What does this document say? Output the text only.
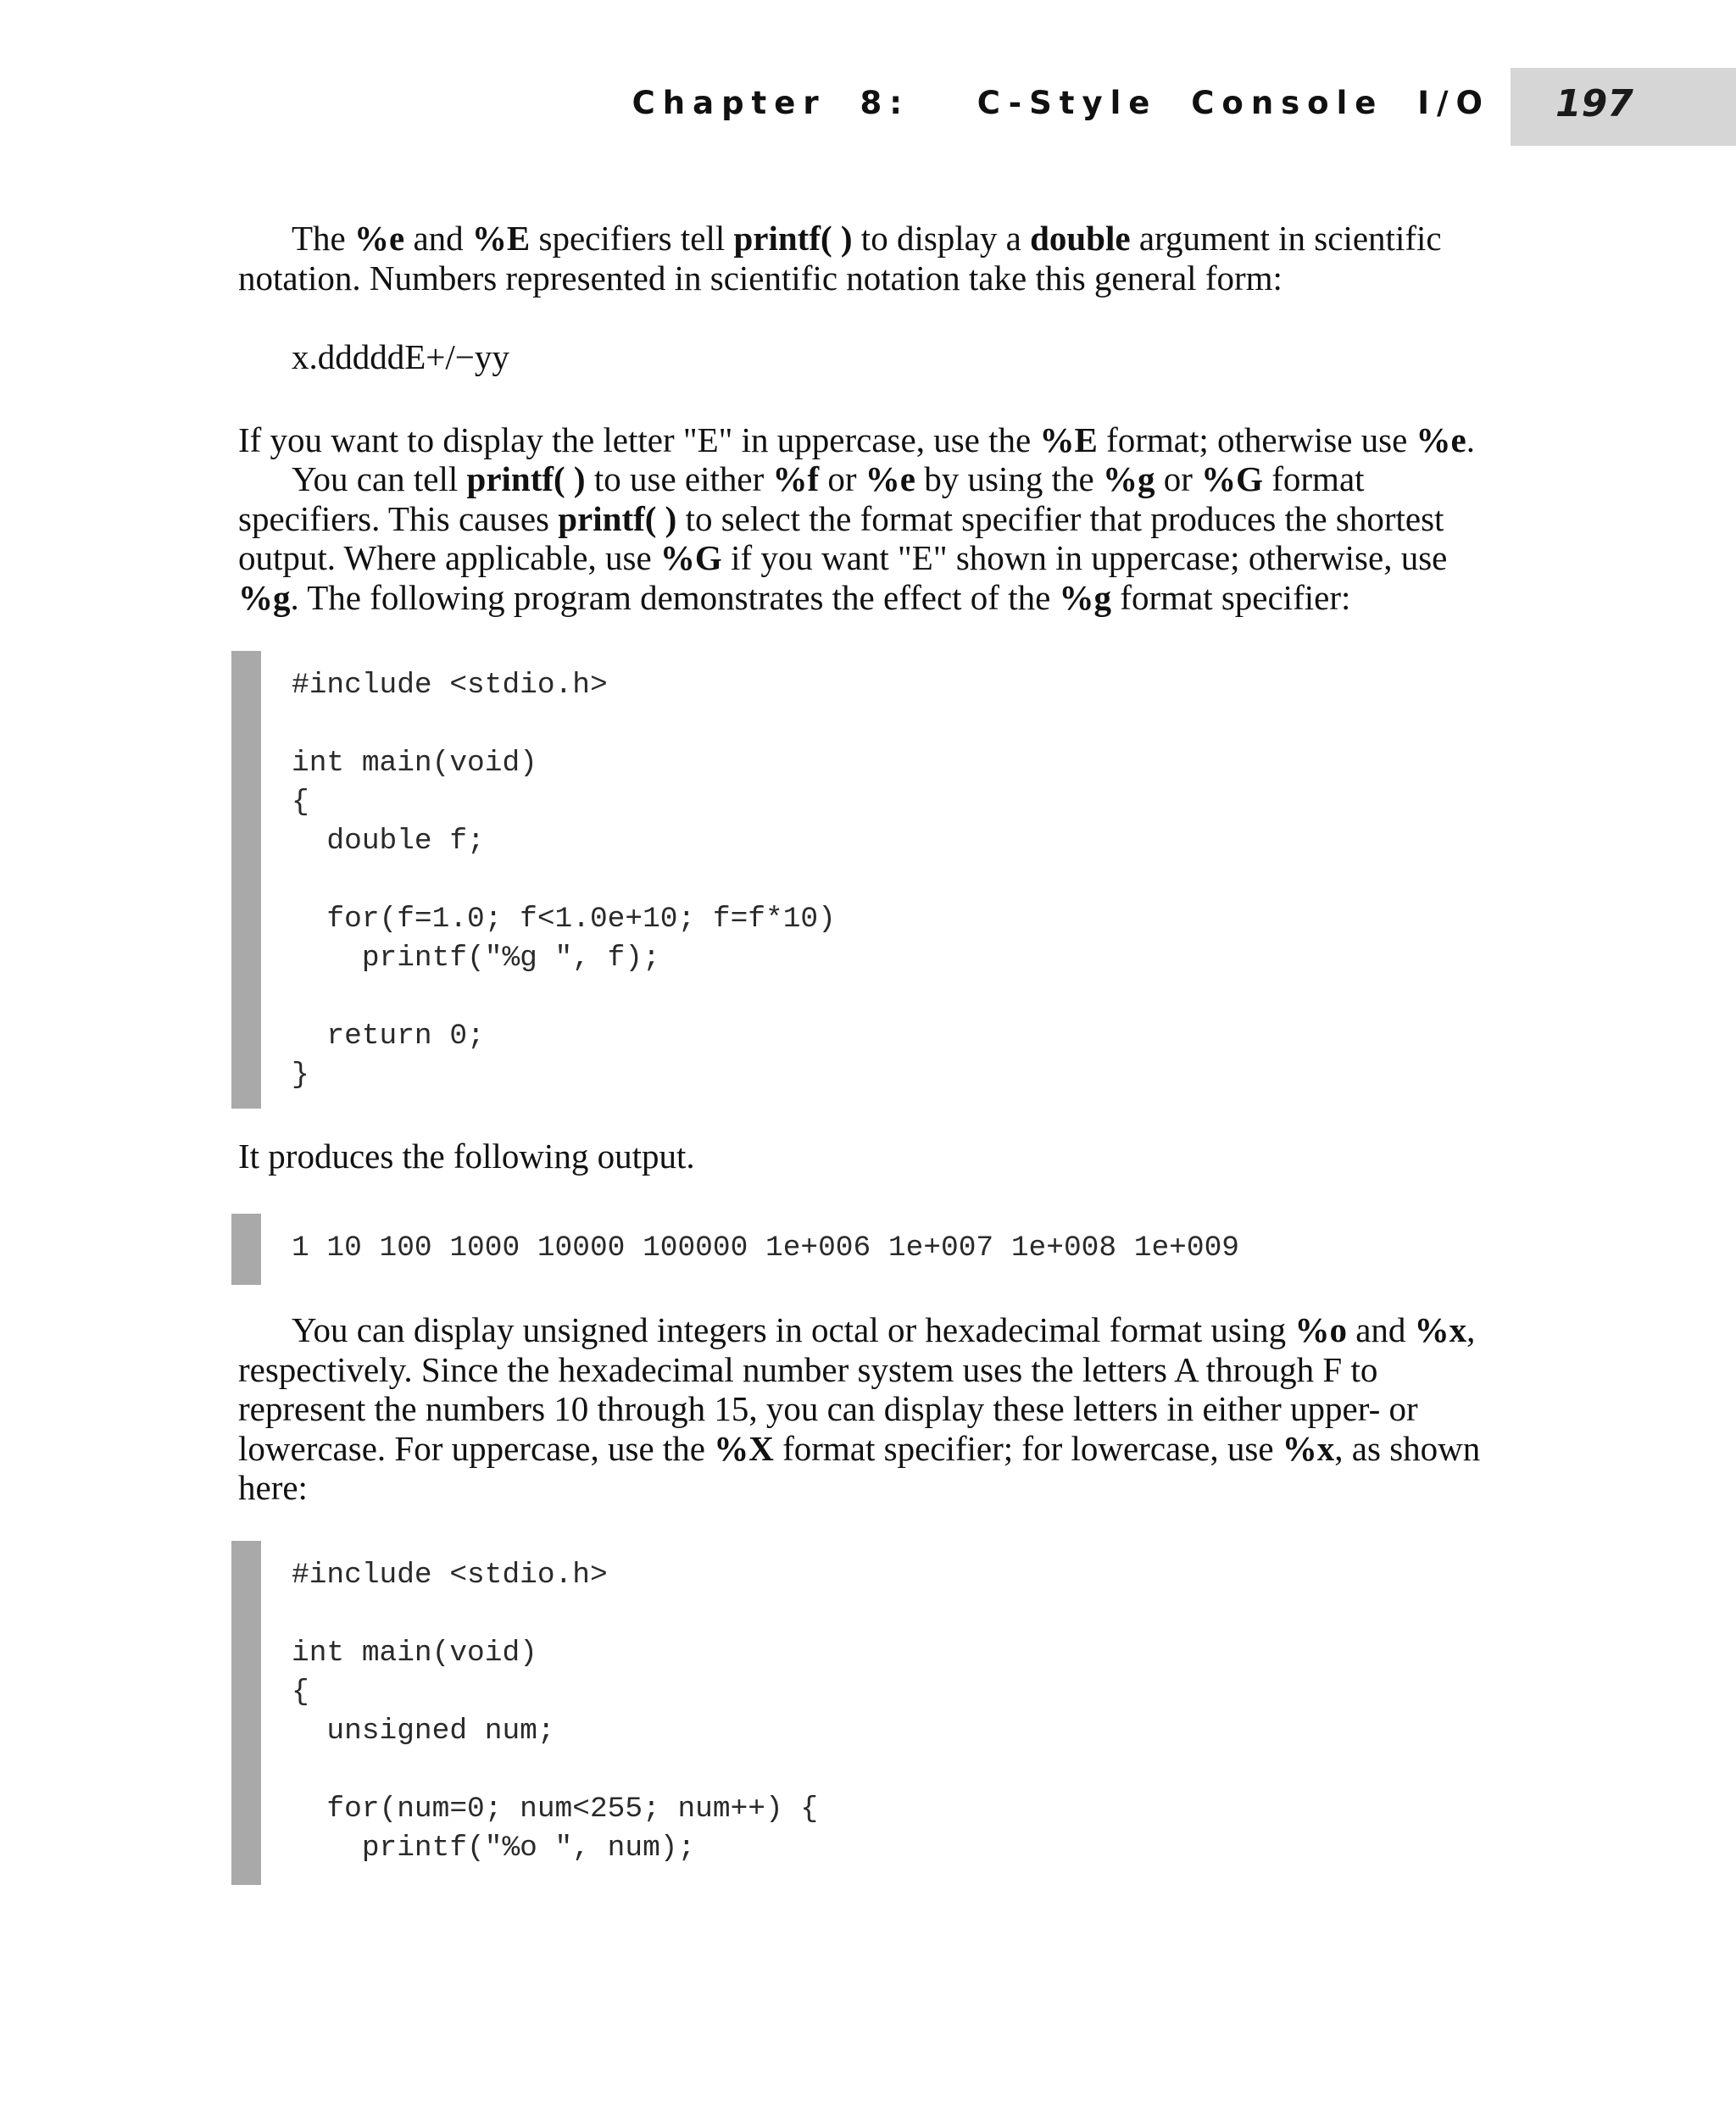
Chapter 8:  C-Style Console I/O 197

The %e and %E specifiers tell printf( ) to display a double argument in scientific notation. Numbers represented in scientific notation take this general form:

x.dddddE+/−yy

If you want to display the letter "E" in uppercase, use the %E format; otherwise use %e.

You can tell printf( ) to use either %f or %e by using the %g or %G format specifiers. This causes printf( ) to select the format specifier that produces the shortest output. Where applicable, use %G if you want "E" shown in uppercase; otherwise, use %g. The following program demonstrates the effect of the %g format specifier:

#include <stdio.h>

int main(void)
{
double f;

for(f=1.0; f<1.0e+10; f=f*10)
printf("%g ", f);

return 0;
}

It produces the following output.

1 10 100 1000 10000 100000 1e+006 1e+007 1e+008 1e+009

You can display unsigned integers in octal or hexadecimal format using %o and %x, respectively. Since the hexadecimal number system uses the letters A through F to represent the numbers 10 through 15, you can display these letters in either upper- or lowercase. For uppercase, use the %X format specifier; for lowercase, use %x, as shown here:

#include <stdio.h>

int main(void)
{
unsigned num;

for(num=0; num<255; num++) {
printf("%o ", num);
